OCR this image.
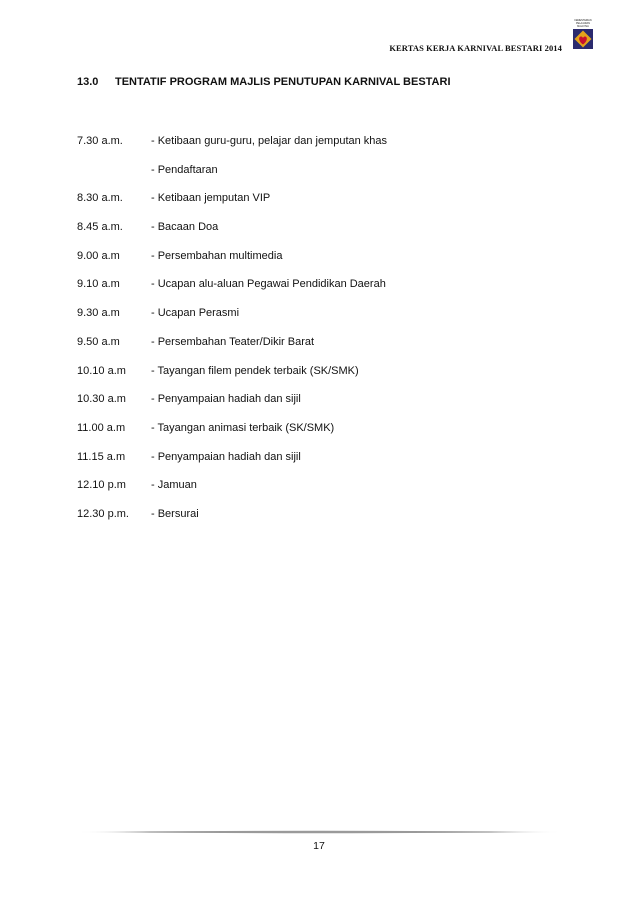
KERTAS KERJA KARNIVAL BESTARI 2014
KEMENTERIAN
PELAJARAN
MALAYSIA
13.0 TENTATIF PROGRAM MAJLIS PENUTUPAN KARNIVAL BESTARI
7.30 a.m.	- Ketibaan guru-guru, pelajar dan jemputan khas
- Pendaftaran
8.30 a.m.	- Ketibaan jemputan VIP
8.45 a.m.	- Bacaan Doa
9.00 a.m	- Persembahan multimedia
9.10 a.m	- Ucapan alu-aluan Pegawai Pendidikan Daerah
9.30 a.m	- Ucapan Perasmi
9.50 a.m	- Persembahan Teater/Dikir Barat
10.10 a.m - Tayangan filem pendek terbaik (SK/SMK)
10.30 a.m - Penyampaian hadiah dan sijil
11.00 a.m - Tayangan animasi terbaik (SK/SMK)
11.15 a.m - Penyampaian hadiah dan sijil
12.10 p.m - Jamuan
12.30 p.m. - Bersurai
17
